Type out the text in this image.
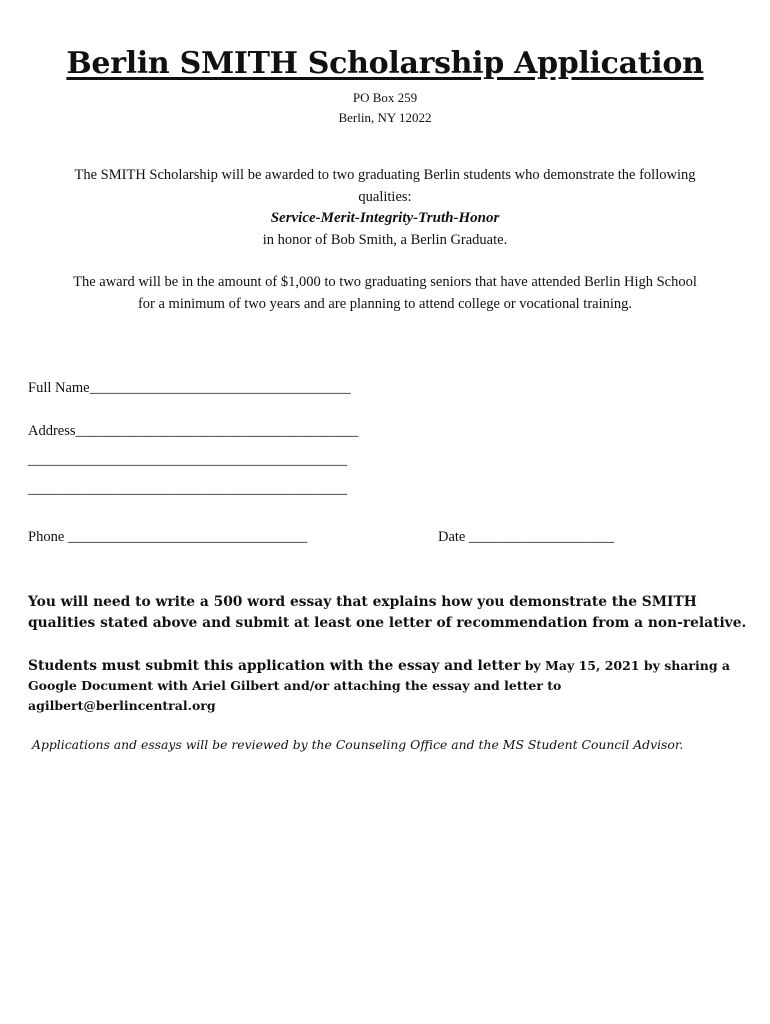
Berlin SMITH Scholarship Application
PO Box 259
Berlin, NY 12022
The SMITH Scholarship will be awarded to two graduating Berlin students who demonstrate the following
qualities:
Service-Merit-Integrity-Truth-Honor
in honor of Bob Smith, a Berlin Graduate.
The award will be in the amount of $1,000 to two graduating seniors that have attended Berlin High School
for a minimum of two years and are planning to attend college or vocational training.
Full Name____________________________________
Address_______________________________________
____________________________________________
____________________________________________
Phone _________________________________	Date ____________________
You will need to write a 500 word essay that explains how you demonstrate the SMITH
qualities stated above and submit at least one letter of recommendation from a non-relative.
Students must submit this application with the essay and letter by May 15, 2021 by sharing a
Google Document with Ariel Gilbert and/or attaching the essay and letter to
agilbert@berlincentral.org
Applications and essays will be reviewed by the Counseling Office and the MS Student Council Advisor.
